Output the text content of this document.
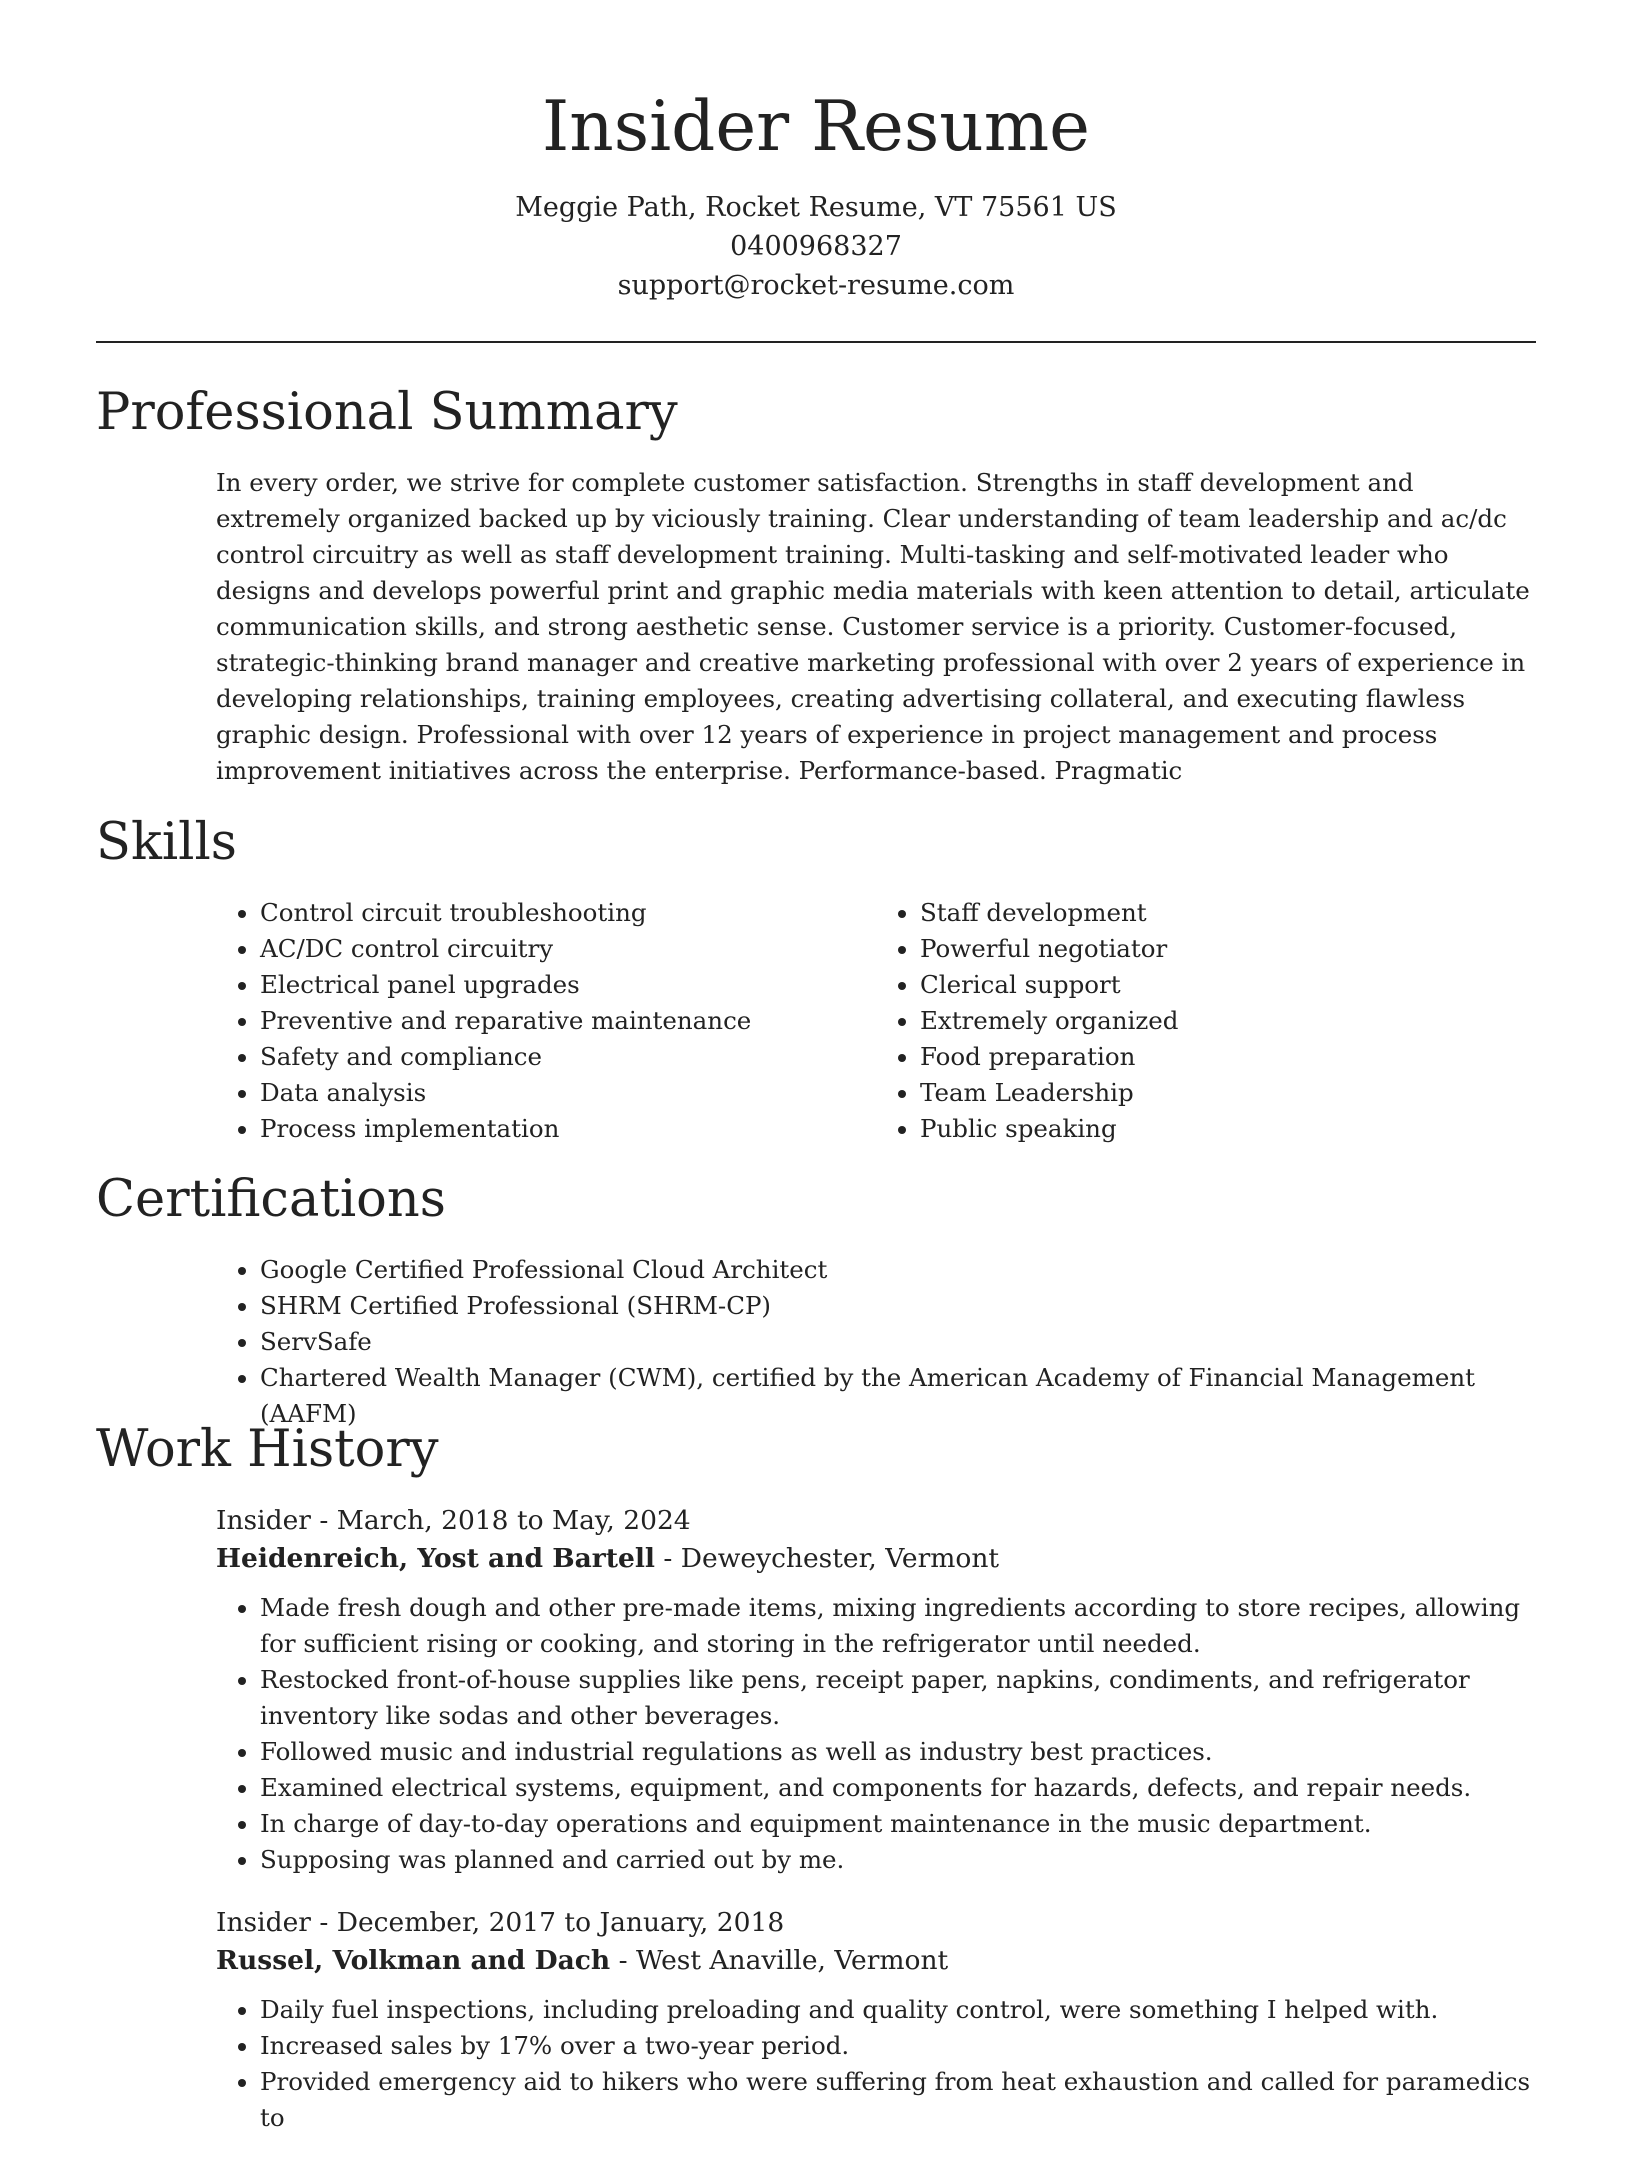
Insider Resume
Meggie Path, Rocket Resume, VT 75561 US
0400968327
support@rocket-resume.com
Professional Summary

In every order, we strive for complete customer satisfaction. Strengths in staff development and extremely organized backed up by viciously training. Clear understanding of team leadership and ac/dc control circuitry as well as staff development training. Multi-tasking and self-motivated leader who designs and develops powerful print and graphic media materials with keen attention to detail, articulate communication skills, and strong aesthetic sense. Customer service is a priority. Customer-focused, strategic-thinking brand manager and creative marketing professional with over 2 years of experience in developing relationships, training employees, creating advertising collateral, and executing flawless graphic design. Professional with over 12 years of experience in project management and process improvement initiatives across the enterprise. Performance-based. Pragmatic

Skills
• Control circuit troubleshooting
• AC/DC control circuitry
• Electrical panel upgrades
• Preventive and reparative maintenance
• Safety and compliance
• Data analysis
• Process implementation
• Staff development
• Powerful negotiator
• Clerical support
• Extremely organized
• Food preparation
• Team Leadership
• Public speaking
Certifications
• Google Certified Professional Cloud Architect
• SHRM Certified Professional (SHRM-CP)
• ServSafe
• Chartered Wealth Manager (CWM), certified by the American Academy of Financial Management (AAFM)
Work History
Insider - March, 2018 to May, 2024
Heidenreich, Yost and Bartell - Deweychester, Vermont
• Made fresh dough and other pre-made items, mixing ingredients according to store recipes, allowing for sufficient rising or cooking, and storing in the refrigerator until needed.
• Restocked front-of-house supplies like pens, receipt paper, napkins, condiments, and refrigerator inventory like sodas and other beverages.
• Followed music and industrial regulations as well as industry best practices.
• Examined electrical systems, equipment, and components for hazards, defects, and repair needs.
• In charge of day-to-day operations and equipment maintenance in the music department.
• Supposing was planned and carried out by me.
Insider - December, 2017 to January, 2018
Russel, Volkman and Dach - West Anaville, Vermont
• Daily fuel inspections, including preloading and quality control, were something I helped with.
• Increased sales by 17% over a two-year period.
• Provided emergency aid to hikers who were suffering from heat exhaustion and called for paramedics to
